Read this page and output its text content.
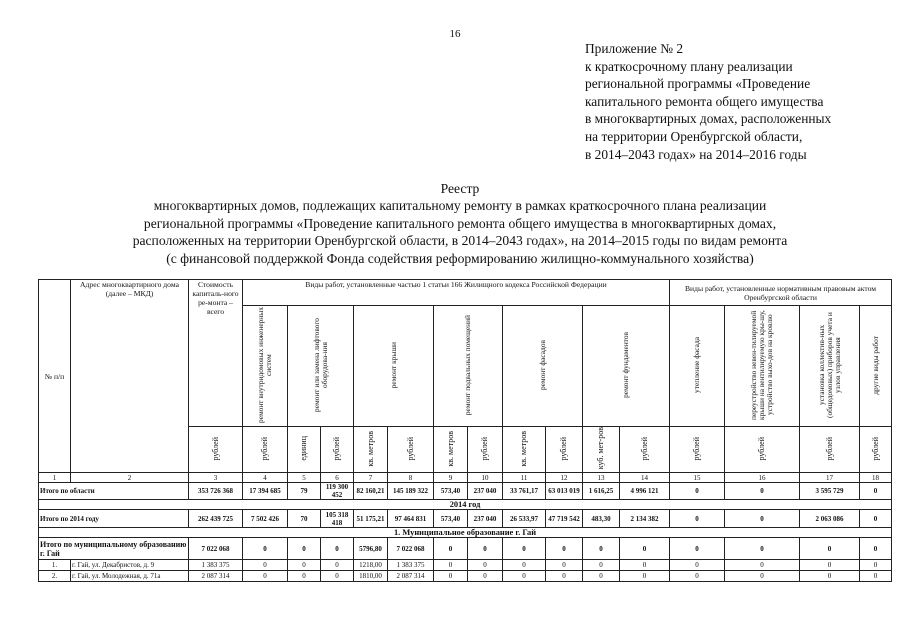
16
Приложение № 2
к краткосрочному плану реализации
региональной программы «Проведение
капитального ремонта общего имущества
в многоквартирных домах, расположенных
на территории Оренбургской области,
в 2014–2043 годах» на 2014–2016 годы
Реестр
многоквартирных домов, подлежащих капитальному ремонту в рамках краткосрочного плана реализации
региональной программы «Проведение капитального ремонта общего имущества в многоквартирных домах,
расположенных на территории Оренбургской области, в 2014–2043 годах», на 2014–2015 годы по видам ремонта
(с финансовой поддержкой Фонда содействия реформированию жилищно-коммунального хозяйства)
№ п/п	Адрес многоквартирного дома (далее – МКД)	Стоимость капиталь-ного ре-монта – всего	Виды работ, установленные частью 1 статьи 166 Жилищного кодекса Российской Федерации											Виды работ, установленные нормативным правовым актом Оренбургской области			
			ремонт внутридомовых инженерных систем	ремонт или замена лифтового оборудова-ния		ремонт крыши		ремонт подвальных помещений		ремонт фасадов		ремонт фундаментов		утепление фасада	переустройство невен-тилируемой крыши на вентилируемую кры-шу, устройство выхо-дов на кровлю	установка коллектив-ных (общедомовых) приборов учета и узлов управления	другие виды работ
		рублей	рублей	единиц	рублей	кв. метров	рублей	кв. метров	рублей	кв. метров	рублей	куб. мет-ров	рублей	рублей	рублей	рублей	рублей
1	2	3	4	5	6	7	8	9	10	11	12	13	14	15	16	17	18
Итого по области		353 726 368	17 394 685	79	119 300 452	82 160,21	145 189 322	573,40	237 040	33 761,17	63 013 019	1 616,25	4 996 121	0	0	3 595 729	0
2014 год																	
Итого по 2014 году		262 439 725	7 502 426	70	105 318 418	51 175,21	97 464 831	573,40	237 040	26 533,97	47 719 542	483,30	2 134 382	0	0	2 063 086	0
1. Муниципальное образование г. Гай																	
Итого по муниципальному образованию г. Гай		7 022 068	0	0	0	5796,80	7 022 068	0	0	0	0	0	0	0	0	0	0
1.	г. Гай, ул. Декабристов, д. 9	1 383 375	0	0	0	1218,00	1 383 375	0	0	0	0	0	0	0	0	0	0
2.	г. Гай, ул. Молодежная, д. 71а	2 087 314	0	0	0	1810,00	2 087 314	0	0	0	0	0	0	0	0	0	0
